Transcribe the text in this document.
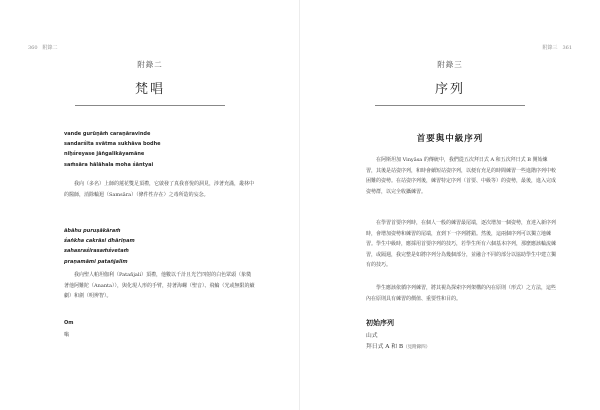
360　附錄二
附錄二
梵唱
vande gurūṇāṁ caraṇāravinde
sandarśita svātma sukhāva bodhe
niḥśreyase jāṅgalikāyamāne
saṁsāra hālāhala moha śāntyai
我向（多名）上師的蓮花雙足頂禮，它啟發了真我喜悅的洞見，涉著充滿，叢林中的醫師，消除輪迴（Samsāra）（條件性存在）之毒所造的妄念。
ābāhu puruṣākāraṁ
śaṅkha cakrāsi dhāriṇam
sahasraśirasaṁśvetaṁ
praṇamāmi patañjalim
我向聖人帕坦伽利（Patañjali）頂禮，他數以千計且光芒四射的白色眾頭（象徵著他阿難陀（Ananta）），與化現人形的手臂，持著海螺（聖音）、飛輪（光或無限的續劇）和劍（明辨智）。
Om
嗡
附錄三　361
附錄三
序列
首要與中級序列
在阿斯坦加 Vinyāsa 的傳統中，我們從五次拜日式 A 和五次拜日式 B 開始練習，其後是站姿序列，和時會續短站姿序列，以便有充足的時間練習一些進階序列中較困難的姿勢。在站姿序列後，練習特定序列（首要、中級等）的姿勢，最後，進入完成姿勢群，以完全收攝練習。
在學習首要序列時，在個人一般的練習最尾端，逐次增加一個姿勢，直達入新序列時，會增加姿勢和練習的尾端，直到下一序列將錯。然後，這兩個序列可以獨立地練習。學生中級時，應採用首要序列的技巧，若學生所有六個基本序列，那麼應該輪流練習，或隔週，我完整是如將序列分為幾個部分，並融合不同的部分以協助學生中建立獨有的技巧。
學生應該依循序列練習，將其視為探索序列架構的內在原則（形式）之方法，這些內在原則具有練習的價值、重要性和目的。
初始序列
山式
拜日式 A 和 B（見附錄四）
